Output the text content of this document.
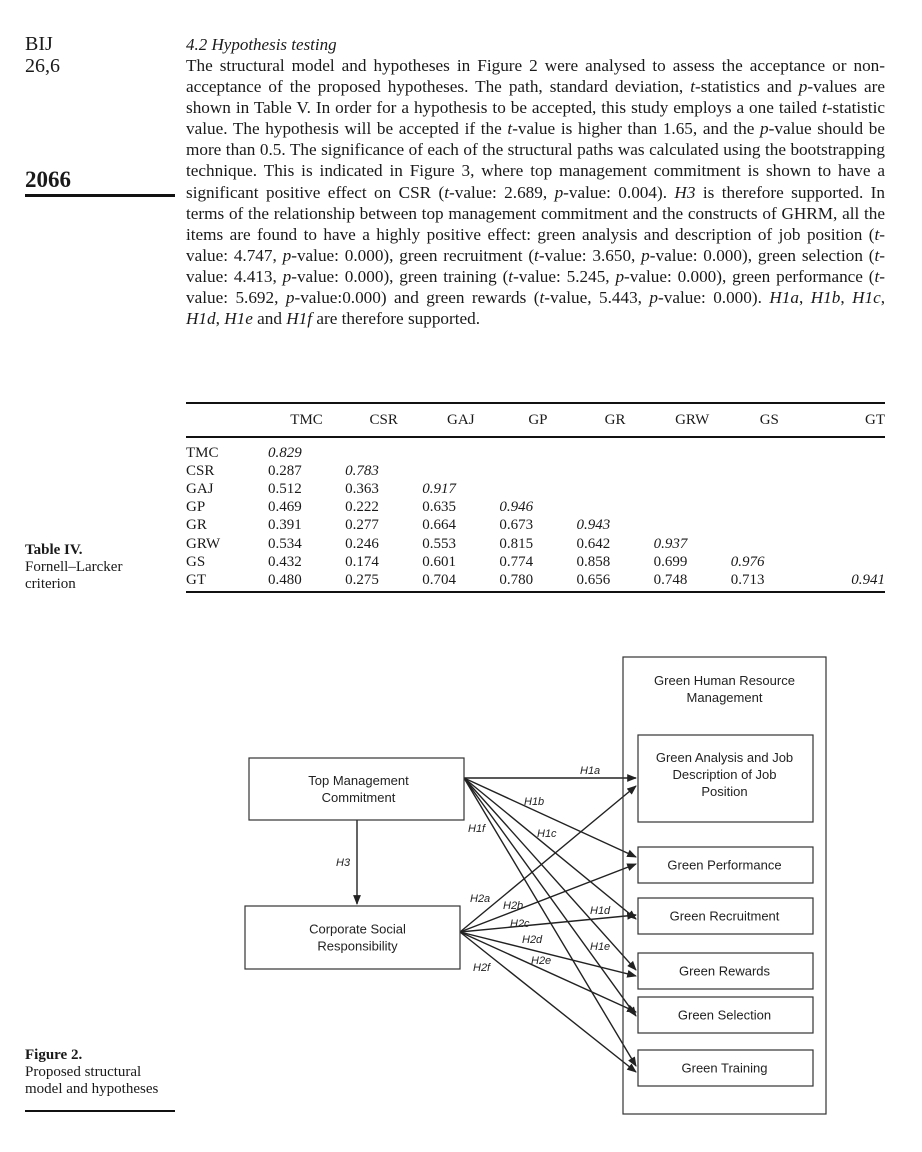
BIJ
26,6
2066
4.2 Hypothesis testing

The structural model and hypotheses in Figure 2 were analysed to assess the acceptance or non-acceptance of the proposed hypotheses. The path, standard deviation, t-statistics and p-values are shown in Table V. In order for a hypothesis to be accepted, this study employs a one tailed t-statistic value. The hypothesis will be accepted if the t-value is higher than 1.65, and the p-value should be more than 0.5. The significance of each of the structural paths was calculated using the bootstrapping technique. This is indicated in Figure 3, where top management commitment is shown to have a significant positive effect on CSR (t-value: 2.689, p-value: 0.004). H3 is therefore supported. In terms of the relationship between top management commitment and the constructs of GHRM, all the items are found to have a highly positive effect: green analysis and description of job position (t-value: 4.747, p-value: 0.000), green recruitment (t-value: 3.650, p-value: 0.000), green selection (t-value: 4.413, p-value: 0.000), green training (t-value: 5.245, p-value: 0.000), green performance (t-value: 5.692, p-value:0.000) and green rewards (t-value, 5.443, p-value: 0.000). H1a, H1b, H1c, H1d, H1e and H1f are therefore supported.

	TMC	CSR	GAJ	GP	GR	GRW	GS	GT
TMC	0.829							
CSR	0.287	0.783						
GAJ	0.512	0.363	0.917					
GP	0.469	0.222	0.635	0.946				
GR	0.391	0.277	0.664	0.673	0.943			
GRW	0.534	0.246	0.553	0.815	0.642	0.937		
GS	0.432	0.174	0.601	0.774	0.858	0.699	0.976	
GT	0.480	0.275	0.704	0.780	0.656	0.748	0.713	0.941
Table IV.
Fornell–Larcker
criterion
Green Human Resource
Management
Top Management
Commitment
Corporate Social
Responsibility
Green Analysis and Job
Description of Job
Position
Green Performance
Green Recruitment
Green Rewards
Green Selection
Green Training
H1a
H1b
H1c
H1d
H1e
H1f
H2a
H2b
H2c
H2d
H2e
H2f
H3
Figure 2.
Proposed structural
model and hypotheses
